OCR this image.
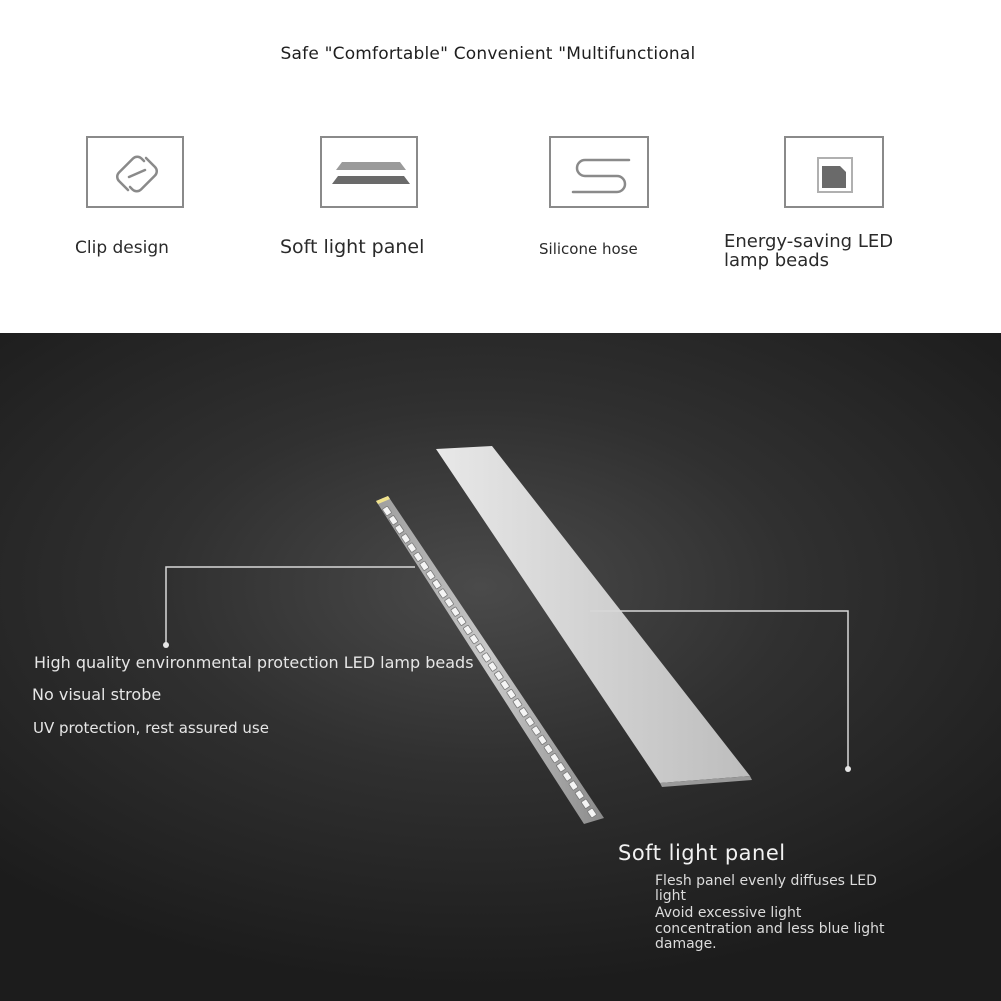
Safe "Comfortable" Convenient "Multifunctional
Clip design	Soft light panel	Silicone hose	Energy-saving LED
lamp beads
High quality environmental protection LED lamp beads
No visual strobe
UV protection, rest assured use
Soft light panel
Flesh panel evenly diffuses LED
light
Avoid excessive light
concentration and less blue light
damage.
